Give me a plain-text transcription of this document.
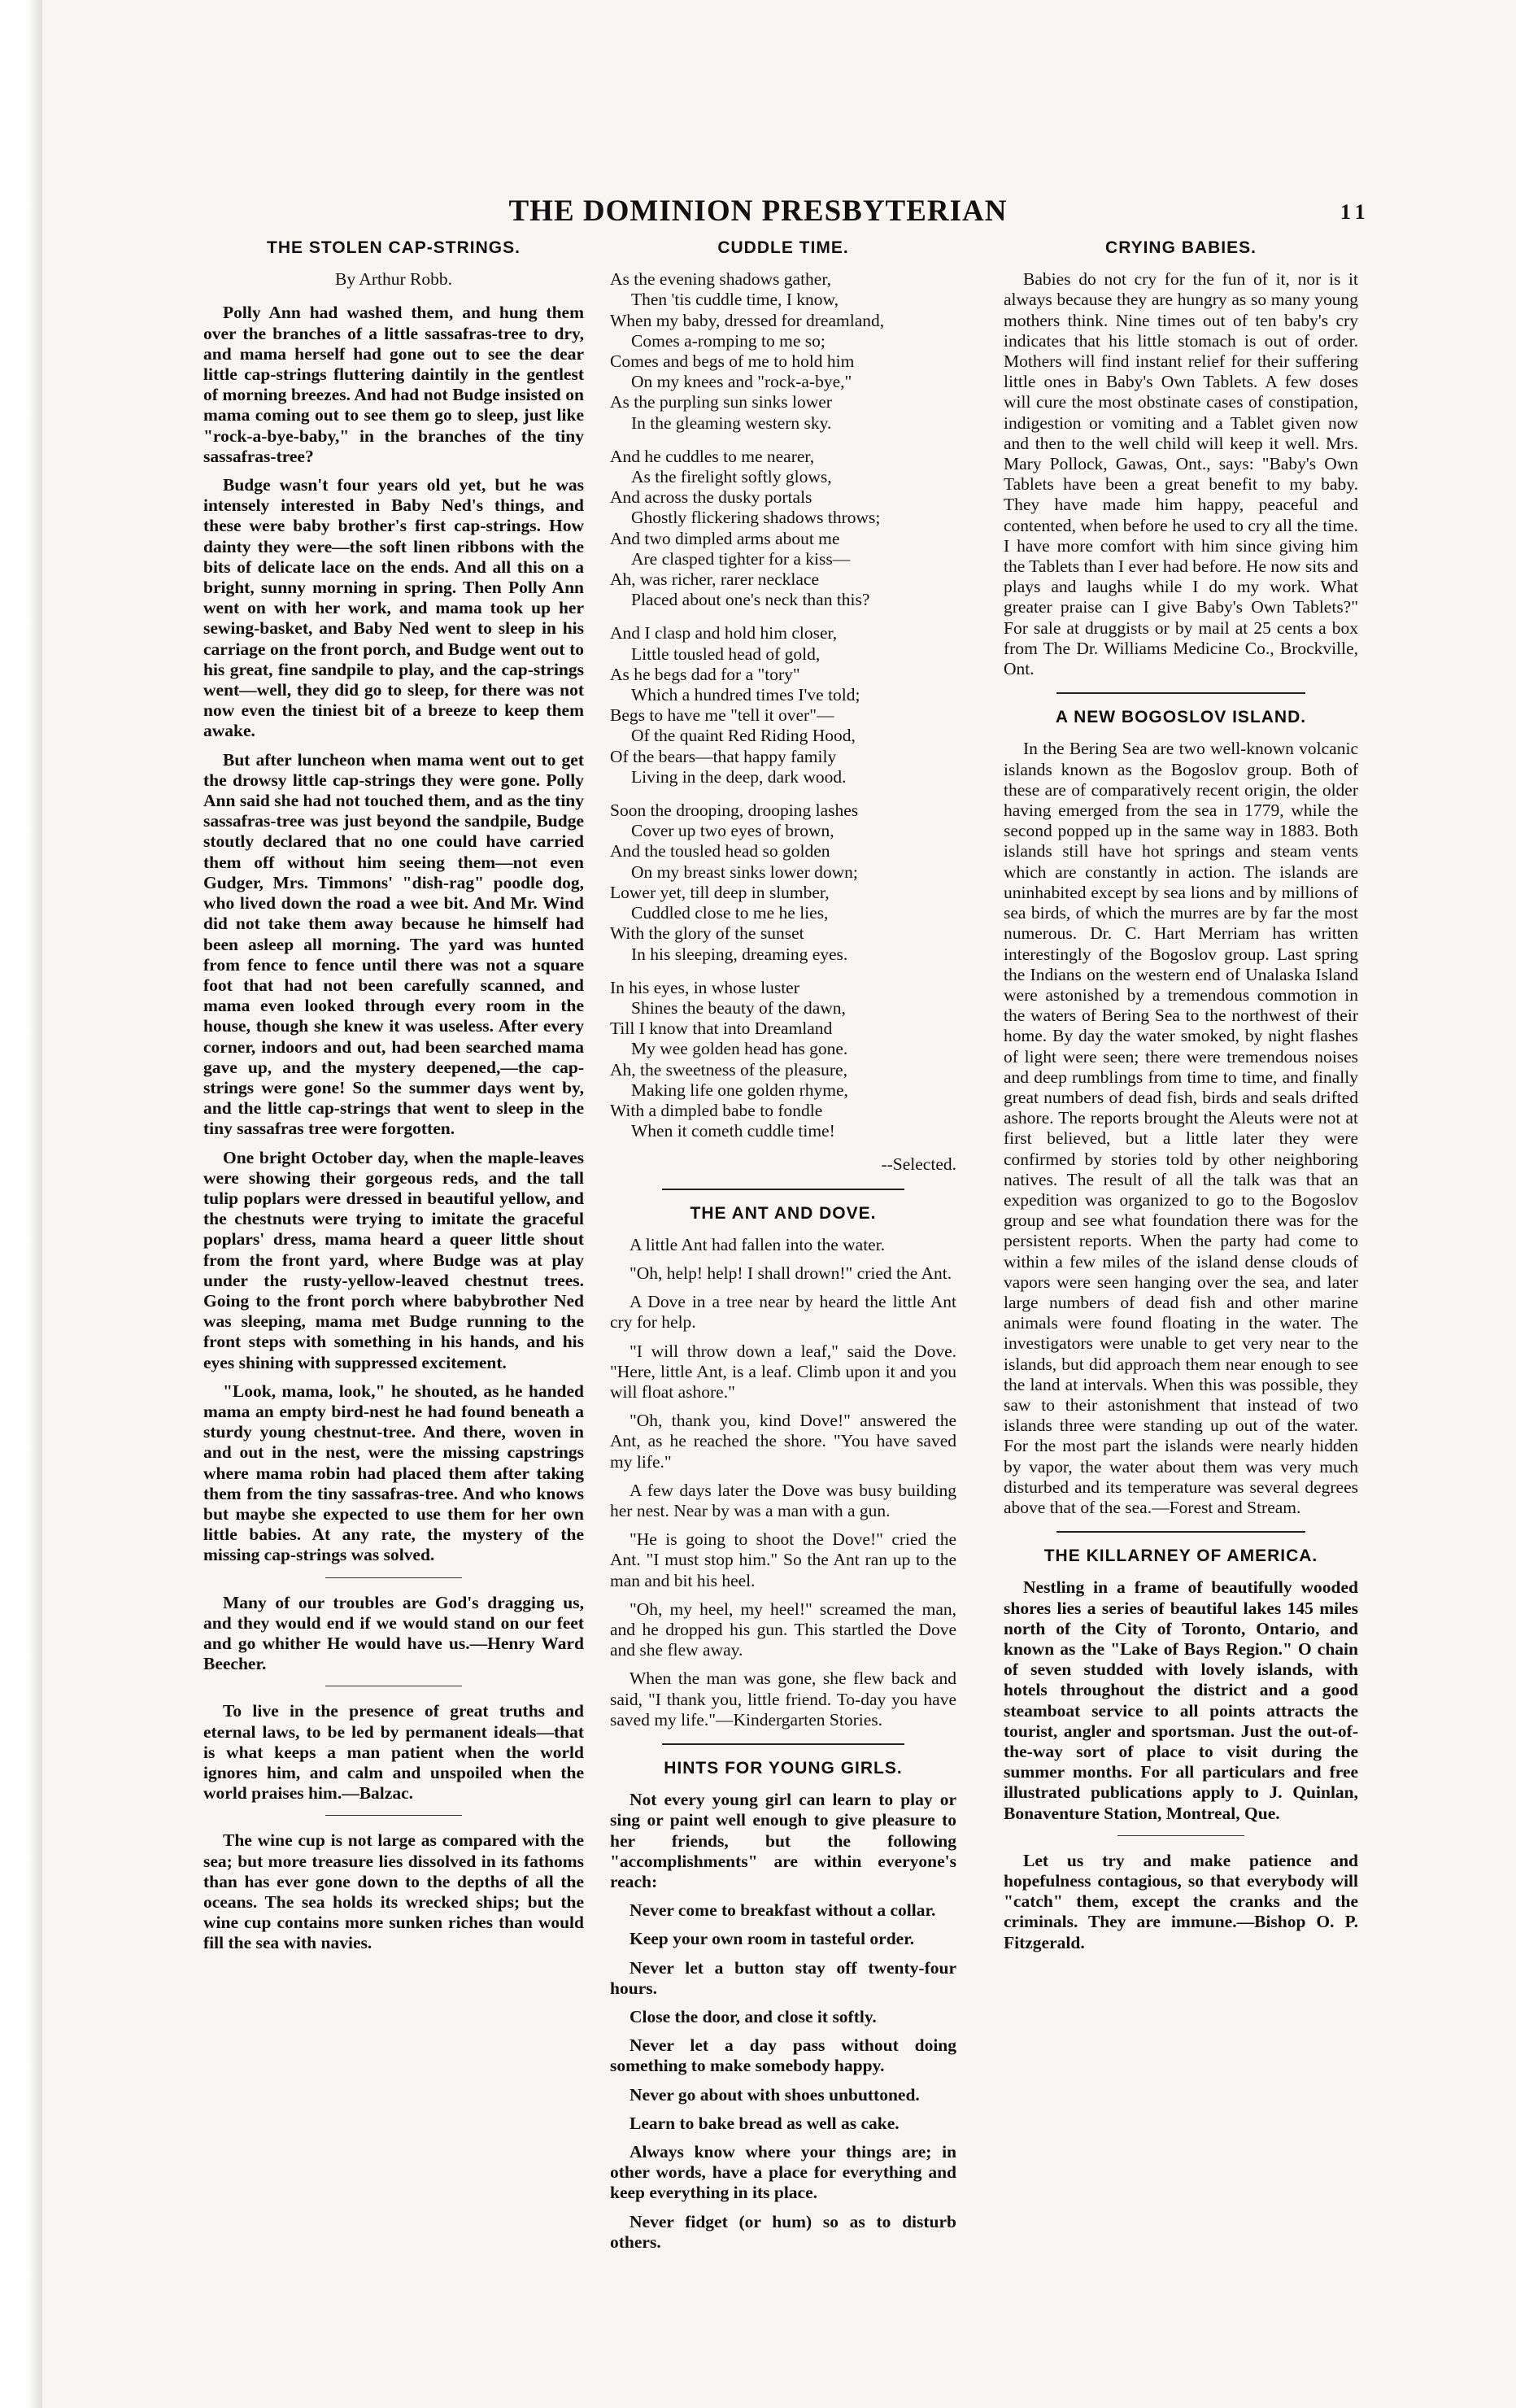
THE DOMINION PRESBYTERIAN	11
THE STOLEN CAP-STRINGS.
By Arthur Robb.

Polly Ann had washed them, and hung them over the branches of a little sassafras-tree to dry, and mama herself had gone out to see the dear little cap-strings fluttering daintily in the gentlest of morning breezes. And had not Budge insisted on mama coming out to see them go to sleep, just like "rock-a-bye-baby," in the branches of the tiny sassafras-tree?

Budge wasn't four years old yet, but he was intensely interested in Baby Ned's things, and these were baby brother's first cap-strings. How dainty they were—the soft linen ribbons with the bits of delicate lace on the ends. And all this on a bright, sunny morning in spring. Then Polly Ann went on with her work, and mama took up her sewing-basket, and Baby Ned went to sleep in his carriage on the front porch, and Budge went out to his great, fine sandpile to play, and the cap-strings went—well, they did go to sleep, for there was not now even the tiniest bit of a breeze to keep them awake.

But after luncheon when mama went out to get the drowsy little cap-strings they were gone. Polly Ann said she had not touched them, and as the tiny sassafras-tree was just beyond the sandpile, Budge stoutly declared that no one could have carried them off without him seeing them—not even Gudger, Mrs. Timmons' "dish-rag" poodle dog, who lived down the road a wee bit. And Mr. Wind did not take them away because he himself had been asleep all morning. The yard was hunted from fence to fence until there was not a square foot that had not been carefully scanned, and mama even looked through every room in the house, though she knew it was useless. After every corner, indoors and out, had been searched mama gave up, and the mystery deepened,—the cap-strings were gone! So the summer days went by, and the little cap-strings that went to sleep in the tiny sassafras tree were forgotten.

One bright October day, when the maple-leaves were showing their gorgeous reds, and the tall tulip poplars were dressed in beautiful yellow, and the chestnuts were trying to imitate the graceful poplars' dress, mama heard a queer little shout from the front yard, where Budge was at play under the rusty-yellow-leaved chestnut trees. Going to the front porch where babybrother Ned was sleeping, mama met Budge running to the front steps with something in his hands, and his eyes shining with suppressed excitement.

"Look, mama, look," he shouted, as he handed mama an empty bird-nest he had found beneath a sturdy young chestnut-tree. And there, woven in and out in the nest, were the missing capstrings where mama robin had placed them after taking them from the tiny sassafras-tree. And who knows but maybe she expected to use them for her own little babies. At any rate, the mystery of the missing cap-strings was solved.

Many of our troubles are God's dragging us, and they would end if we would stand on our feet and go whither He would have us.—Henry Ward Beecher.

To live in the presence of great truths and eternal laws, to be led by permanent ideals—that is what keeps a man patient when the world ignores him, and calm and unspoiled when the world praises him.—Balzac.

The wine cup is not large as compared with the sea; but more treasure lies dissolved in its fathoms than has ever gone down to the depths of all the oceans. The sea holds its wrecked ships; but the wine cup contains more sunken riches than would fill the sea with navies.

CUDDLE TIME.
As the evening shadows gather,
Then 'tis cuddle time, I know,
When my baby, dressed for dreamland,
Comes a-romping to me so;
Comes and begs of me to hold him
On my knees and "rock-a-bye,"
As the purpling sun sinks lower
In the gleaming western sky.
And he cuddles to me nearer,
As the firelight softly glows,
And across the dusky portals
Ghostly flickering shadows throws;
And two dimpled arms about me
Are clasped tighter for a kiss—
Ah, was richer, rarer necklace
Placed about one's neck than this?
And I clasp and hold him closer,
Little tousled head of gold,
As he begs dad for a "tory"
Which a hundred times I've told;
Begs to have me "tell it over"—
Of the quaint Red Riding Hood,
Of the bears—that happy family
Living in the deep, dark wood.
Soon the drooping, drooping lashes
Cover up two eyes of brown,
And the tousled head so golden
On my breast sinks lower down;
Lower yet, till deep in slumber,
Cuddled close to me he lies,
With the glory of the sunset
In his sleeping, dreaming eyes.
In his eyes, in whose luster
Shines the beauty of the dawn,
Till I know that into Dreamland
My wee golden head has gone.
Ah, the sweetness of the pleasure,
Making life one golden rhyme,
With a dimpled babe to fondle
When it cometh cuddle time!
--Selected.
THE ANT AND DOVE.

A little Ant had fallen into the water.

"Oh, help! help! I shall drown!" cried the Ant.

A Dove in a tree near by heard the little Ant cry for help.

"I will throw down a leaf," said the Dove. "Here, little Ant, is a leaf. Climb upon it and you will float ashore."

"Oh, thank you, kind Dove!" answered the Ant, as he reached the shore. "You have saved my life."

A few days later the Dove was busy building her nest. Near by was a man with a gun.

"He is going to shoot the Dove!" cried the Ant. "I must stop him." So the Ant ran up to the man and bit his heel.

"Oh, my heel, my heel!" screamed the man, and he dropped his gun. This startled the Dove and she flew away.

When the man was gone, she flew back and said, "I thank you, little friend. To-day you have saved my life."—Kindergarten Stories.

HINTS FOR YOUNG GIRLS.

Not every young girl can learn to play or sing or paint well enough to give pleasure to her friends, but the following "accomplishments" are within everyone's reach:

Never come to breakfast without a collar.

Keep your own room in tasteful order.

Never let a button stay off twenty-four hours.

Close the door, and close it softly.

Never let a day pass without doing something to make somebody happy.

Never go about with shoes unbuttoned.

Learn to bake bread as well as cake.

Always know where your things are; in other words, have a place for everything and keep everything in its place.

Never fidget (or hum) so as to disturb others.

CRYING BABIES.

Babies do not cry for the fun of it, nor is it always because they are hungry as so many young mothers think. Nine times out of ten baby's cry indicates that his little stomach is out of order. Mothers will find instant relief for their suffering little ones in Baby's Own Tablets. A few doses will cure the most obstinate cases of constipation, indigestion or vomiting and a Tablet given now and then to the well child will keep it well. Mrs. Mary Pollock, Gawas, Ont., says: "Baby's Own Tablets have been a great benefit to my baby. They have made him happy, peaceful and contented, when before he used to cry all the time. I have more comfort with him since giving him the Tablets than I ever had before. He now sits and plays and laughs while I do my work. What greater praise can I give Baby's Own Tablets?" For sale at druggists or by mail at 25 cents a box from The Dr. Williams Medicine Co., Brockville, Ont.

A NEW BOGOSLOV ISLAND.

In the Bering Sea are two well-known volcanic islands known as the Bogoslov group. Both of these are of comparatively recent origin, the older having emerged from the sea in 1779, while the second popped up in the same way in 1883. Both islands still have hot springs and steam vents which are constantly in action. The islands are uninhabited except by sea lions and by millions of sea birds, of which the murres are by far the most numerous. Dr. C. Hart Merriam has written interestingly of the Bogoslov group. Last spring the Indians on the western end of Unalaska Island were astonished by a tremendous commotion in the waters of Bering Sea to the northwest of their home. By day the water smoked, by night flashes of light were seen; there were tremendous noises and deep rumblings from time to time, and finally great numbers of dead fish, birds and seals drifted ashore. The reports brought the Aleuts were not at first believed, but a little later they were confirmed by stories told by other neighboring natives. The result of all the talk was that an expedition was organized to go to the Bogoslov group and see what foundation there was for the persistent reports. When the party had come to within a few miles of the island dense clouds of vapors were seen hanging over the sea, and later large numbers of dead fish and other marine animals were found floating in the water. The investigators were unable to get very near to the islands, but did approach them near enough to see the land at intervals. When this was possible, they saw to their astonishment that instead of two islands three were standing up out of the water. For the most part the islands were nearly hidden by vapor, the water about them was very much disturbed and its temperature was several degrees above that of the sea.—Forest and Stream.

THE KILLARNEY OF AMERICA.

Nestling in a frame of beautifully wooded shores lies a series of beautiful lakes 145 miles north of the City of Toronto, Ontario, and known as the "Lake of Bays Region." O chain of seven studded with lovely islands, with hotels throughout the district and a good steamboat service to all points attracts the tourist, angler and sportsman. Just the out-of-the-way sort of place to visit during the summer months. For all particulars and free illustrated publications apply to J. Quinlan, Bonaventure Station, Montreal, Que.

Let us try and make patience and hopefulness contagious, so that everybody will "catch" them, except the cranks and the criminals. They are immune.—Bishop O. P. Fitzgerald.
